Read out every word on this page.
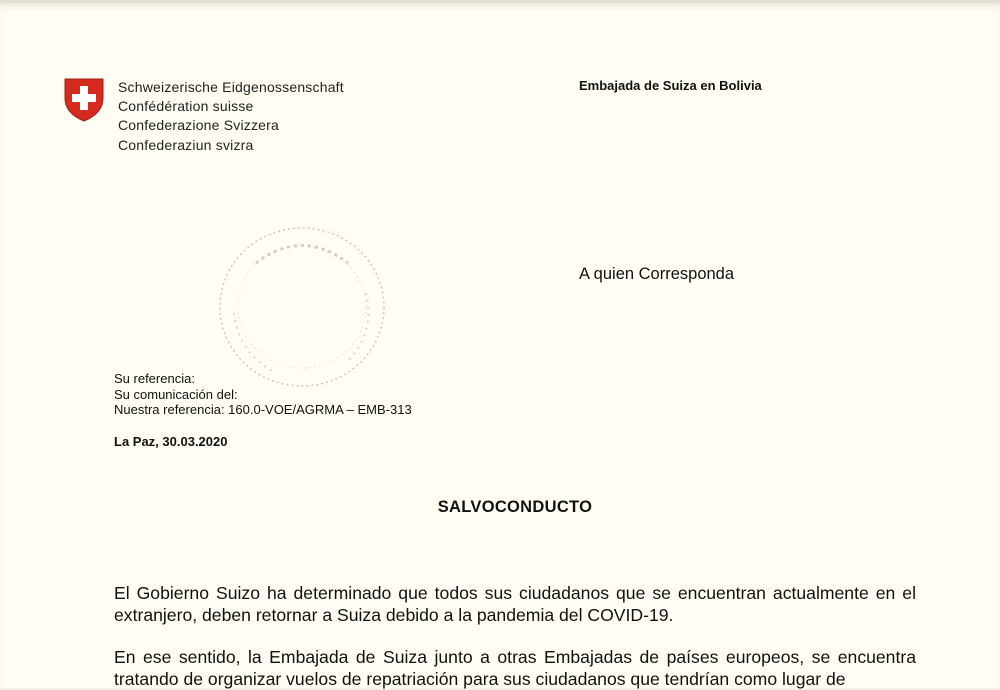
Schweizerische Eidgenossenschaft
Confédération suisse
Confederazione Svizzera
Confederaziun svizra
Embajada de Suiza en Bolivia
A quien Corresponda
Su referencia:
Su comunicación del:
Nuestra referencia: 160.0-VOE/AGRMA – EMB-313
La Paz, 30.03.2020
SALVOCONDUCTO
El Gobierno Suizo ha determinado que todos sus ciudadanos que se encuentran actualmente en el extranjero, deben retornar a Suiza debido a la pandemia del COVID-19.
En ese sentido, la Embajada de Suiza junto a otras Embajadas de países europeos, se encuentra tratando de organizar vuelos de repatriación para sus ciudadanos que tendrían como lugar de
